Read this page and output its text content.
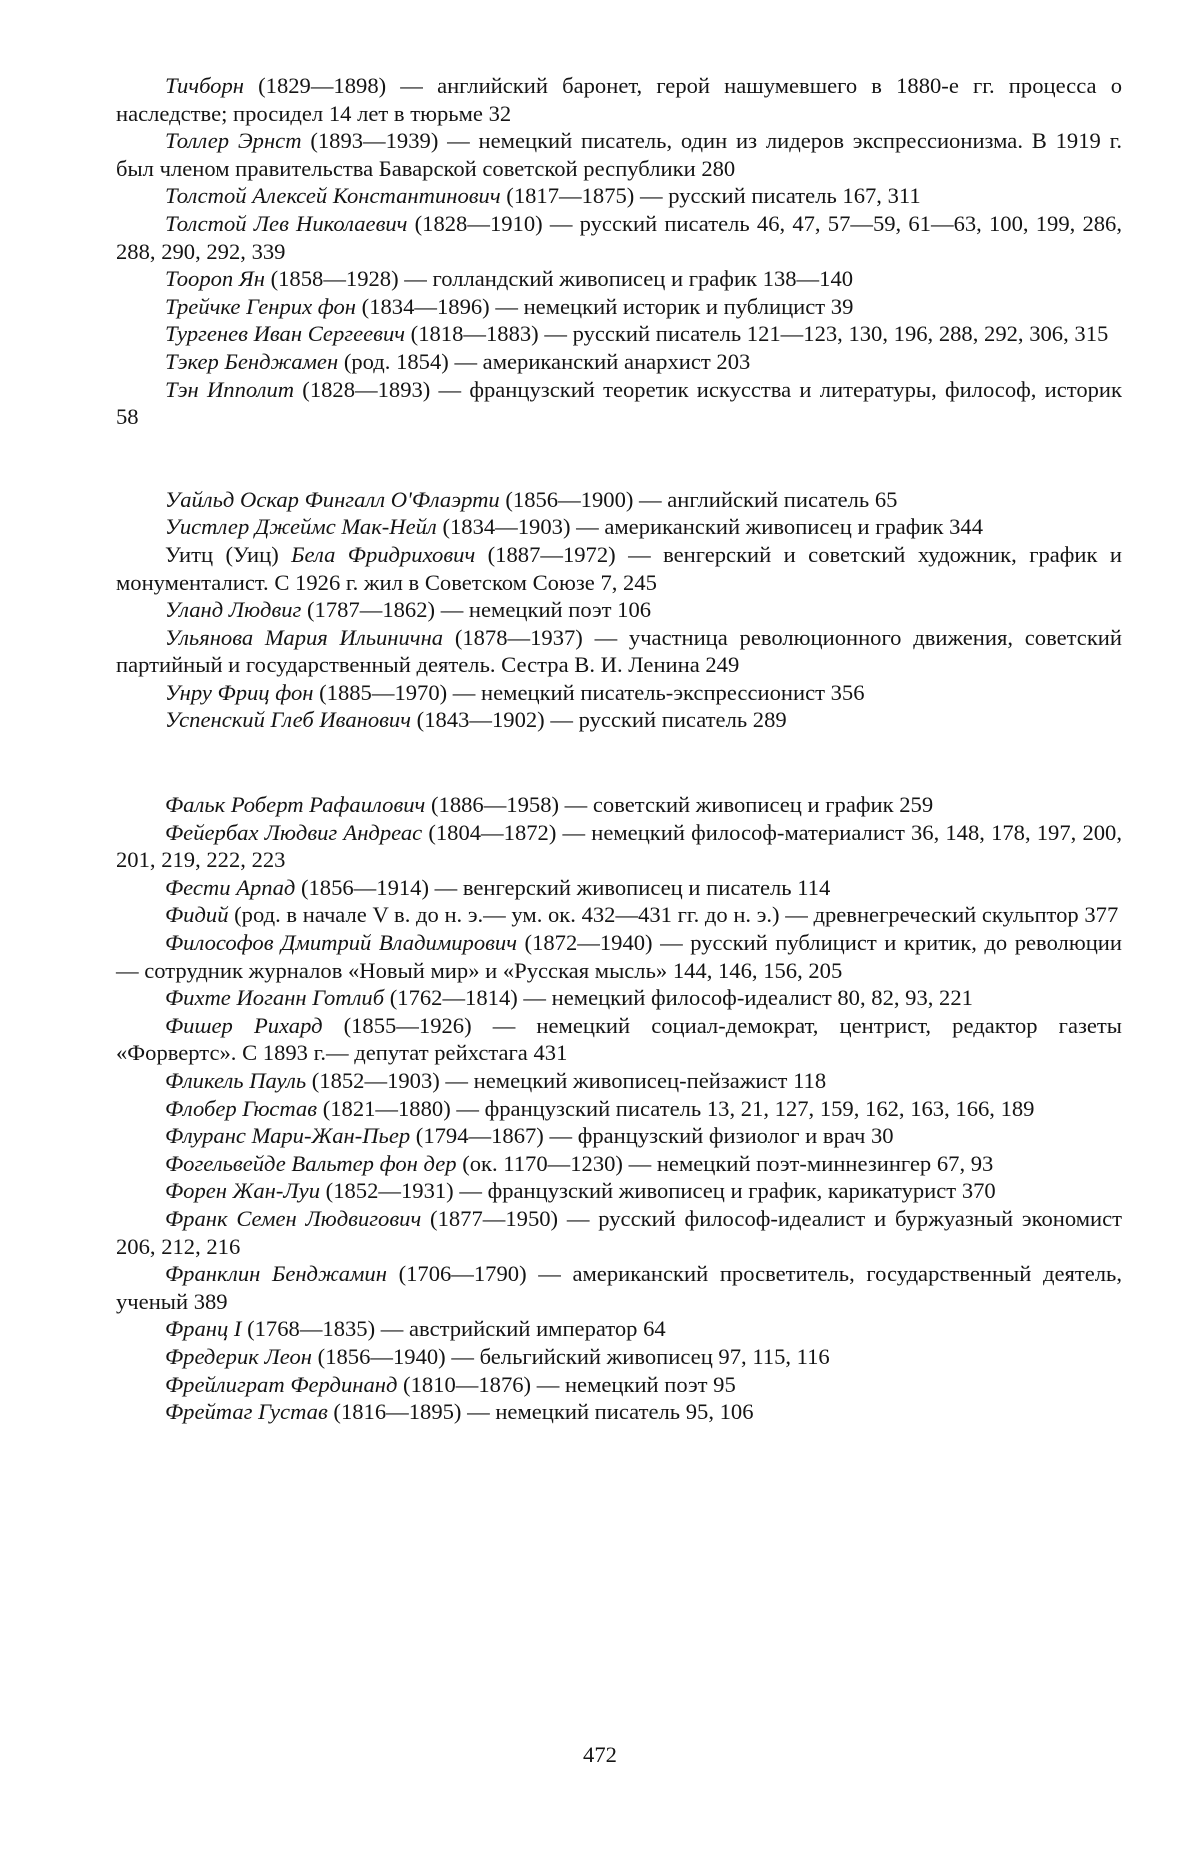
Тичборн (1829—1898) — английский баронет, герой нашумевшего в 1880-е гг. процесса о наследстве; просидел 14 лет в тюрьме 32

Толлер Эрнст (1893—1939) — немецкий писатель, один из лидеров экспрессионизма. В 1919 г. был членом правительства Баварской советской республики 280

Толстой Алексей Константинович (1817—1875) — русский писатель 167, 311

Толстой Лев Николаевич (1828—1910) — русский писатель 46, 47, 57—59, 61—63, 100, 199, 286, 288, 290, 292, 339

Тоороп Ян (1858—1928) — голландский живописец и график 138—140

Трейчке Генрих фон (1834—1896) — немецкий историк и публицист 39

Тургенев Иван Сергеевич (1818—1883) — русский писатель 121—123, 130, 196, 288, 292, 306, 315

Тэкер Бенджамен (род. 1854) — американский анархист 203

Тэн Ипполит (1828—1893) — французский теоретик искусства и литературы, философ, историк 58

Уайльд Оскар Фингалл О'Флаэрти (1856—1900) — английский писатель 65

Уистлер Джеймс Мак-Нейл (1834—1903) — американский живописец и график 344

Уитц (Уиц) Бела Фридрихович (1887—1972) — венгерский и советский художник, график и монументалист. С 1926 г. жил в Советском Союзе 7, 245

Уланд Людвиг (1787—1862) — немецкий поэт 106

Ульянова Мария Ильинична (1878—1937) — участница революционного движения, советский партийный и государственный деятель. Сестра В. И. Ленина 249

Унру Фриц фон (1885—1970) — немецкий писатель-экспрессионист 356

Успенский Глеб Иванович (1843—1902) — русский писатель 289

Фальк Роберт Рафаилович (1886—1958) — советский живописец и график 259

Фейербах Людвиг Андреас (1804—1872) — немецкий философ-материалист 36, 148, 178, 197, 200, 201, 219, 222, 223

Фести Арпад (1856—1914) — венгерский живописец и писатель 114

Фидий (род. в начале V в. до н. э.— ум. ок. 432—431 гг. до н. э.) — древнегреческий скульптор 377

Философов Дмитрий Владимирович (1872—1940) — русский публицист и критик, до революции — сотрудник журналов «Новый мир» и «Русская мысль» 144, 146, 156, 205

Фихте Иоганн Готлиб (1762—1814) — немецкий философ-идеалист 80, 82, 93, 221

Фишер Рихард (1855—1926) — немецкий социал-демократ, центрист, редактор газеты «Форвертс». С 1893 г.— депутат рейхстага 431

Фликель Пауль (1852—1903) — немецкий живописец-пейзажист 118

Флобер Гюстав (1821—1880) — французский писатель 13, 21, 127, 159, 162, 163, 166, 189

Флуранс Мари-Жан-Пьер (1794—1867) — французский физиолог и врач 30

Фогельвейде Вальтер фон дер (ок. 1170—1230) — немецкий поэт-миннезингер 67, 93

Форен Жан-Луи (1852—1931) — французский живописец и график, карикатурист 370

Франк Семен Людвигович (1877—1950) — русский философ-идеалист и буржуазный экономист 206, 212, 216

Франклин Бенджамин (1706—1790) — американский просветитель, государственный деятель, ученый 389

Франц I (1768—1835) — австрийский император 64

Фредерик Леон (1856—1940) — бельгийский живописец 97, 115, 116

Фрейлиграт Фердинанд (1810—1876) — немецкий поэт 95

Фрейтаг Густав (1816—1895) — немецкий писатель 95, 106

472
